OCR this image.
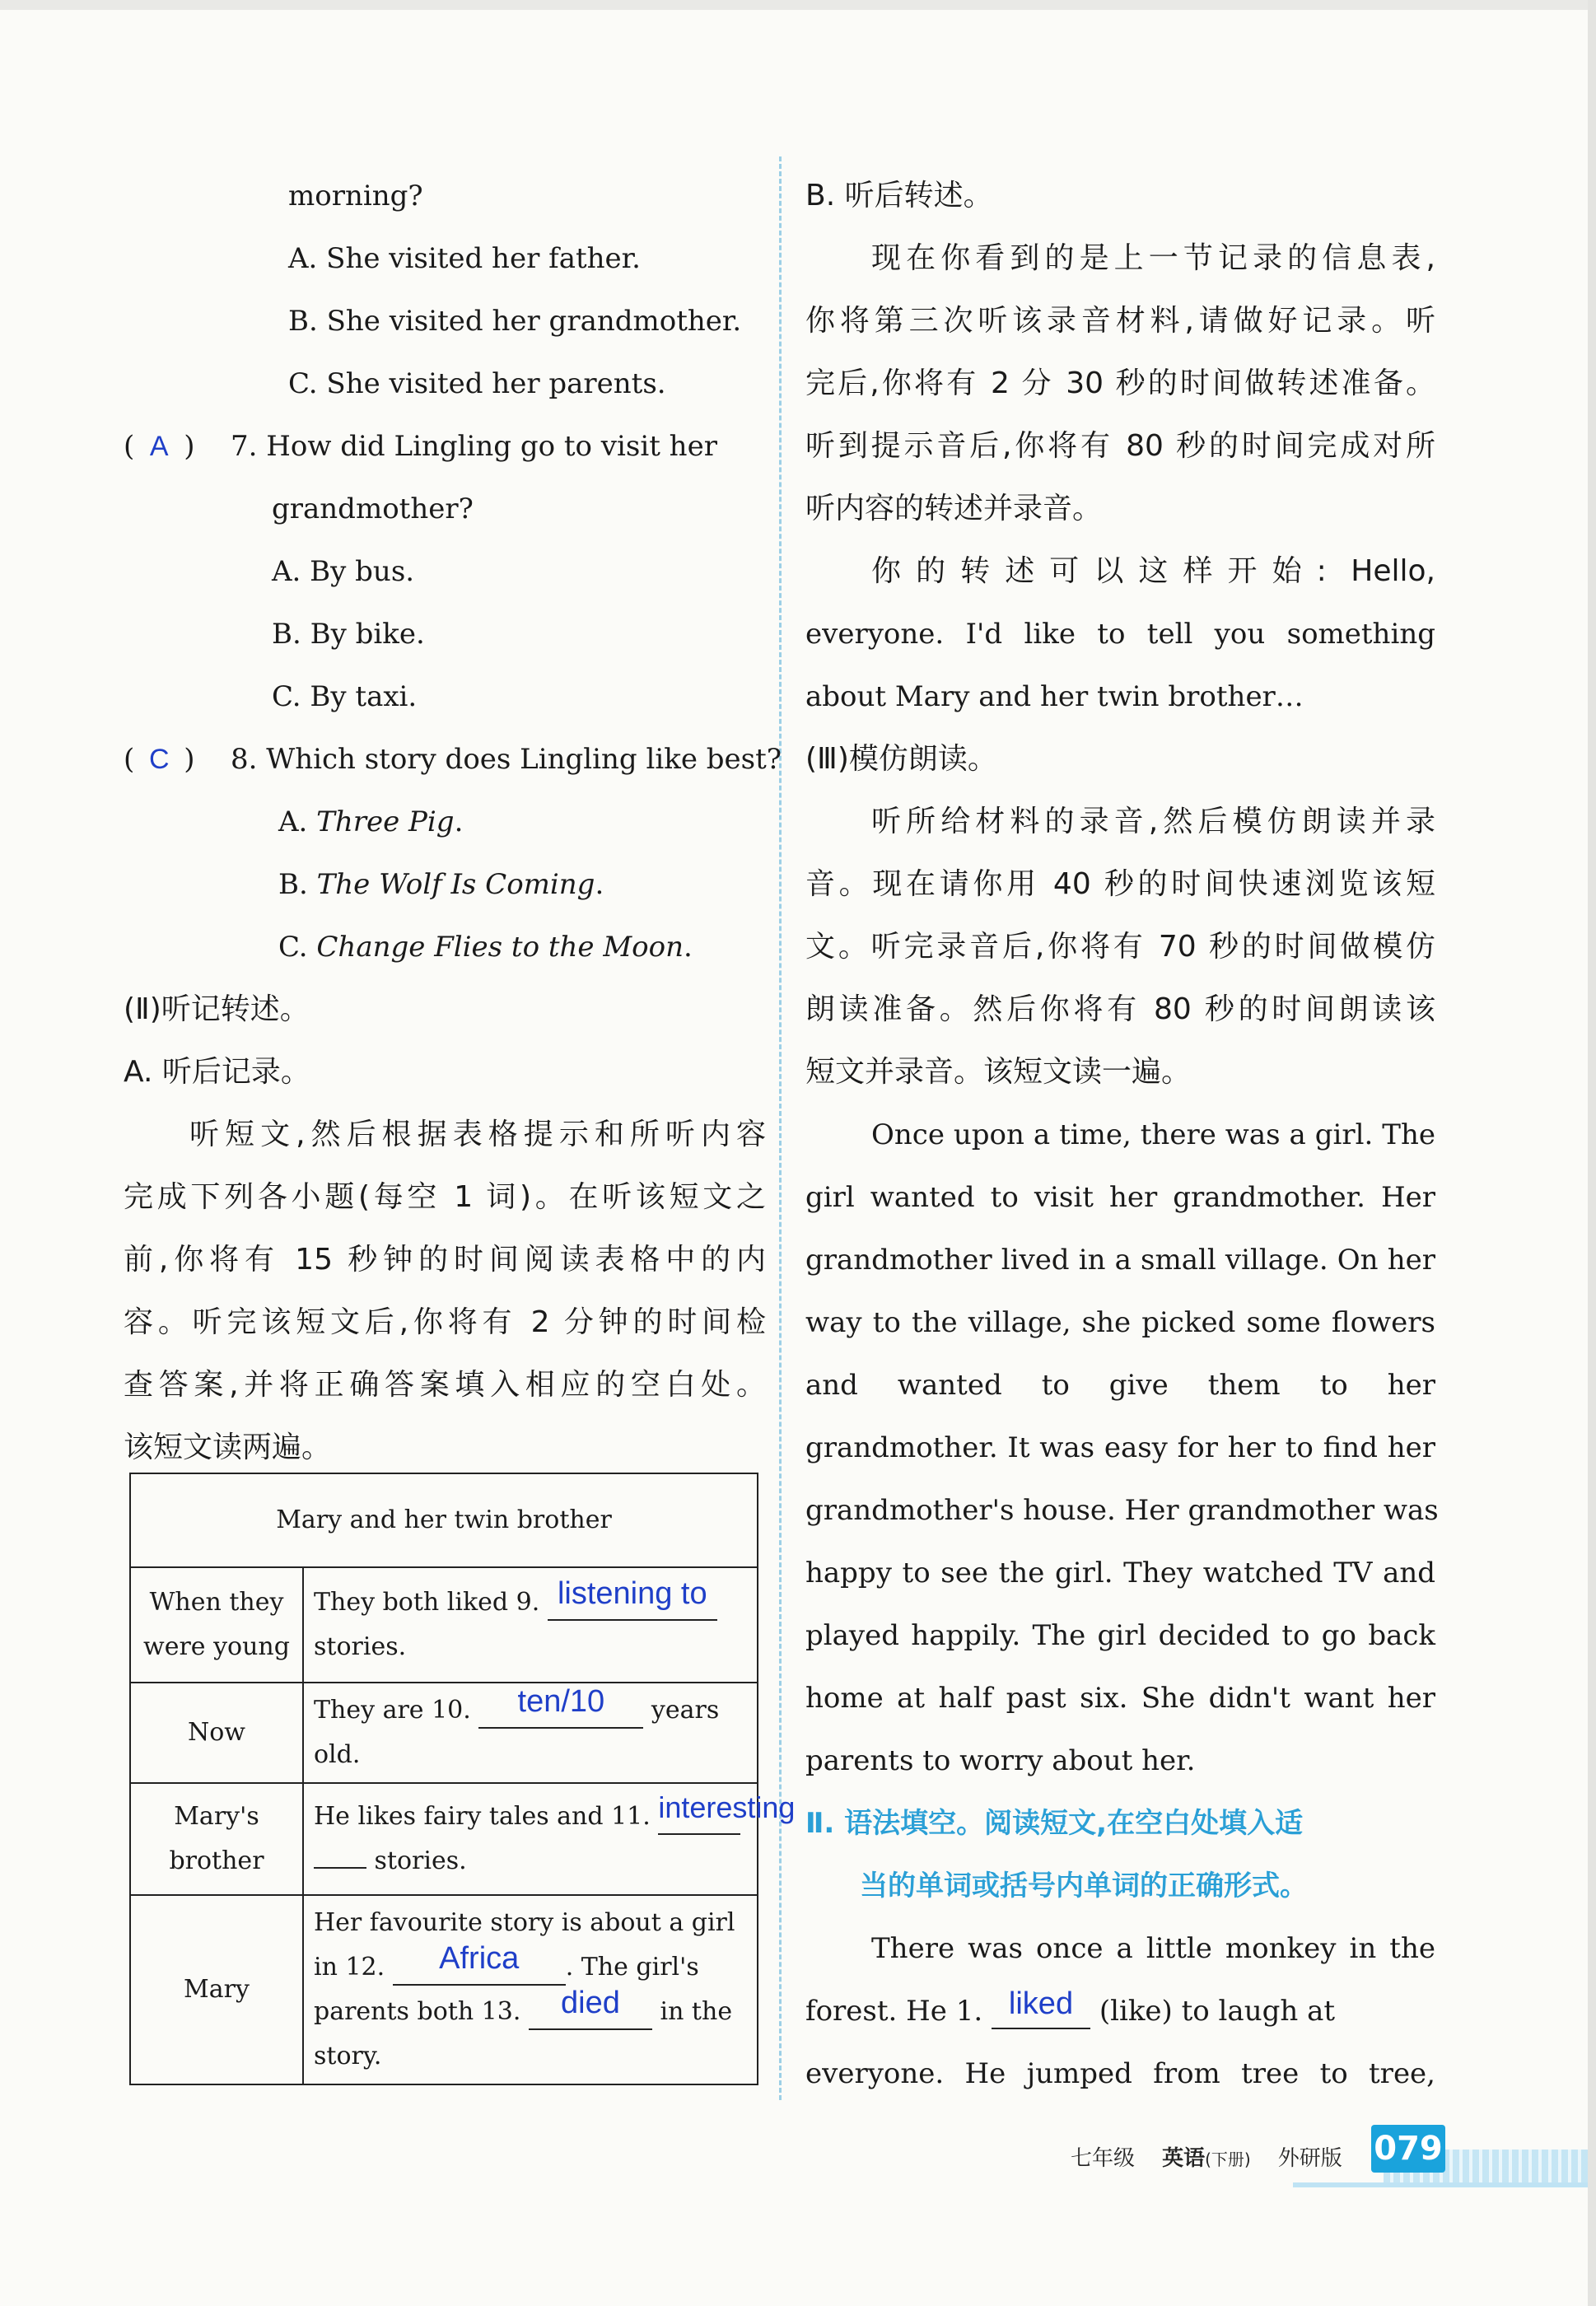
morning?
A. She visited her father.
B. She visited her grandmother.
C. She visited her parents.
( A ) 7. How did Lingling go to visit her
grandmother?
A. By bus.
B. By bike.
C. By taxi.
( C ) 8. Which story does Lingling like best?
A. Three Pig.
B. The Wolf Is Coming.
C. Change Flies to the Moon.
(Ⅱ)听记转述。
A. 听后记录。
听短文,然后根据表格提示和所听内容
完成下列各小题(每空 1 词)。在听该短文之
前,你将有 15 秒钟的时间阅读表格中的内
容。听完该短文后,你将有 2 分钟的时间检
查答案,并将正确答案填入相应的空白处。
该短文读两遍。
Mary and her twin brother	
When they were young	They both liked 9. listening to
stories.
Now	They are 10. ten/10 years old.
Mary's brother	He likes fairy tales and 11. interesting
stories.
Mary	Her favourite story is about a girl
in 12. Africa . The girl's
parents both 13. died in the
story.
B. 听后转述。
现在你看到的是上一节记录的信息表,
你将第三次听该录音材料,请做好记录。听
完后,你将有 2 分 30 秒的时间做转述准备。
听到提示音后,你将有 80 秒的时间完成对所
听内容的转述并录音。
你的转述可以这样开始: Hello,
everyone. I'd like to tell you something
about Mary and her twin brother…
(Ⅲ)模仿朗读。
听所给材料的录音,然后模仿朗读并录
音。现在请你用 40 秒的时间快速浏览该短
文。听完录音后,你将有 70 秒的时间做模仿
朗读准备。然后你将有 80 秒的时间朗读该
短文并录音。该短文读一遍。
Once upon a time, there was a girl. The
girl wanted to visit her grandmother. Her
grandmother lived in a small village. On her
way to the village, she picked some flowers
and wanted to give them to her
grandmother. It was easy for her to find her
grandmother's house. Her grandmother was
happy to see the girl. They watched TV and
played happily. The girl decided to go back
home at half past six. She didn't want her
parents to worry about her.
Ⅱ. 语法填空。阅读短文,在空白处填入适
当的单词或括号内单词的正确形式。
There was once a little monkey in the
forest. He 1. liked (like) to laugh at
everyone. He jumped from tree to tree,
七年级 英语(下册) 外研版 079
